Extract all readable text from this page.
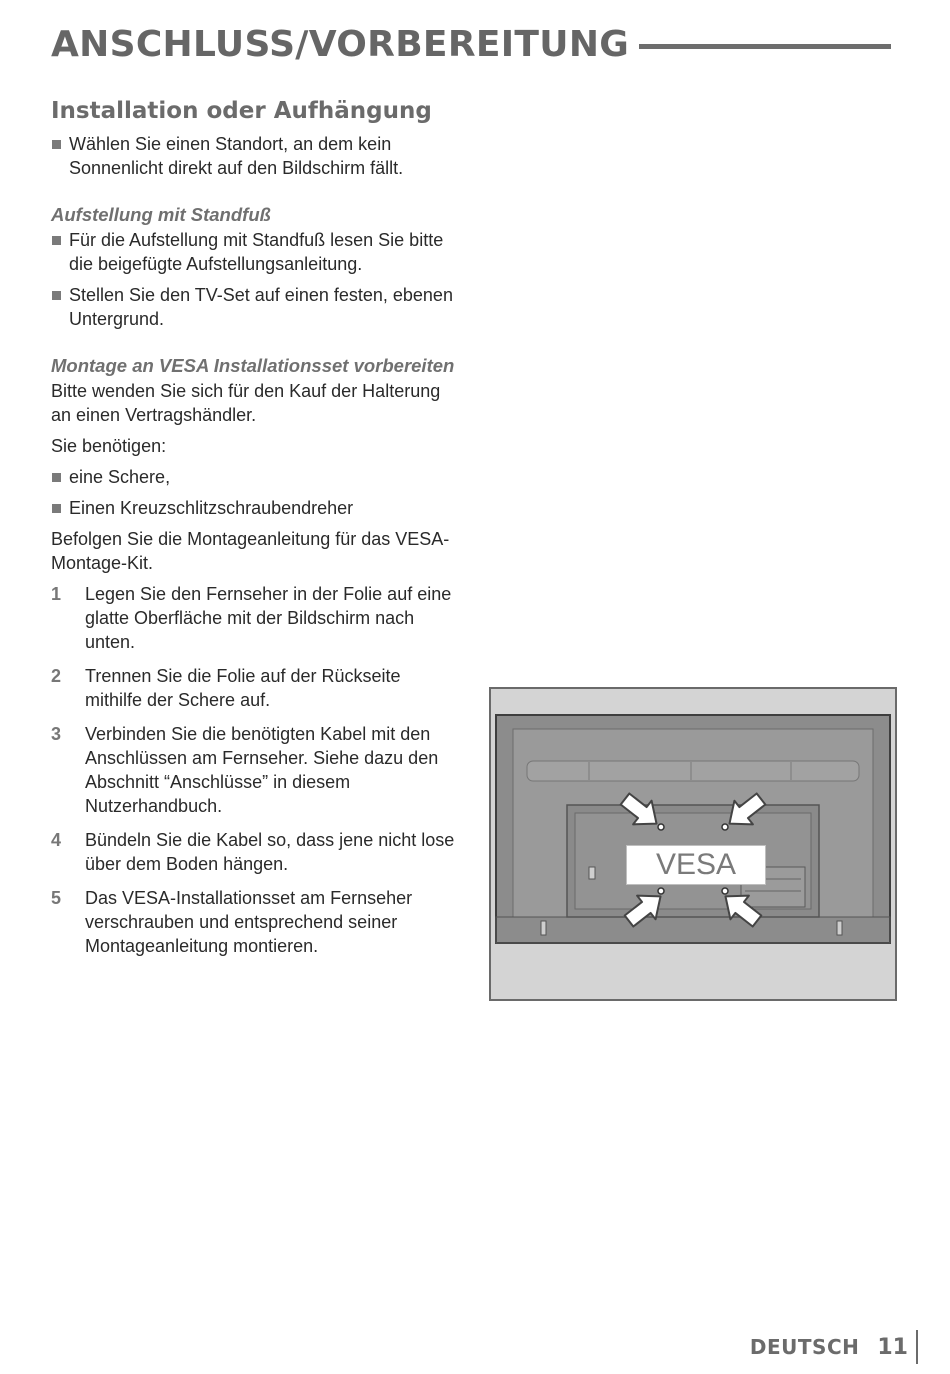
ANSCHLUSS/VORBEREITUNG
Installation oder Aufhängung
Wählen Sie einen Standort, an dem kein Sonnenlicht direkt auf den Bildschirm fällt.
Aufstellung mit Standfuß
Für die Aufstellung mit Standfuß lesen Sie bitte die beigefügte Aufstellungsanleitung.
Stellen Sie den TV-Set auf einen festen, ebenen Untergrund.
Montage an VESA Installationsset vorbereiten
Bitte wenden Sie sich für den Kauf der Halterung an einen Vertragshändler.
Sie benötigen:
eine Schere,
Einen Kreuzschlitzschraubendreher
Befolgen Sie die Montageanleitung für das VESA-Montage-Kit.
1 Legen Sie den Fernseher in der Folie auf eine glatte Oberfläche mit der Bildschirm nach unten.
2 Trennen Sie die Folie auf der Rückseite mithilfe der Schere auf.
3 Verbinden Sie die benötigten Kabel mit den Anschlüssen am Fernseher. Siehe dazu den Abschnitt “Anschlüsse” in diesem Nutzerhandbuch.
4 Bündeln Sie die Kabel so, dass jene nicht lose über dem Boden hängen.
5 Das VESA-Installationsset am Fernseher verschrauben und entsprechend seiner Montageanleitung montieren.
VESA
DEUTSCH 11
